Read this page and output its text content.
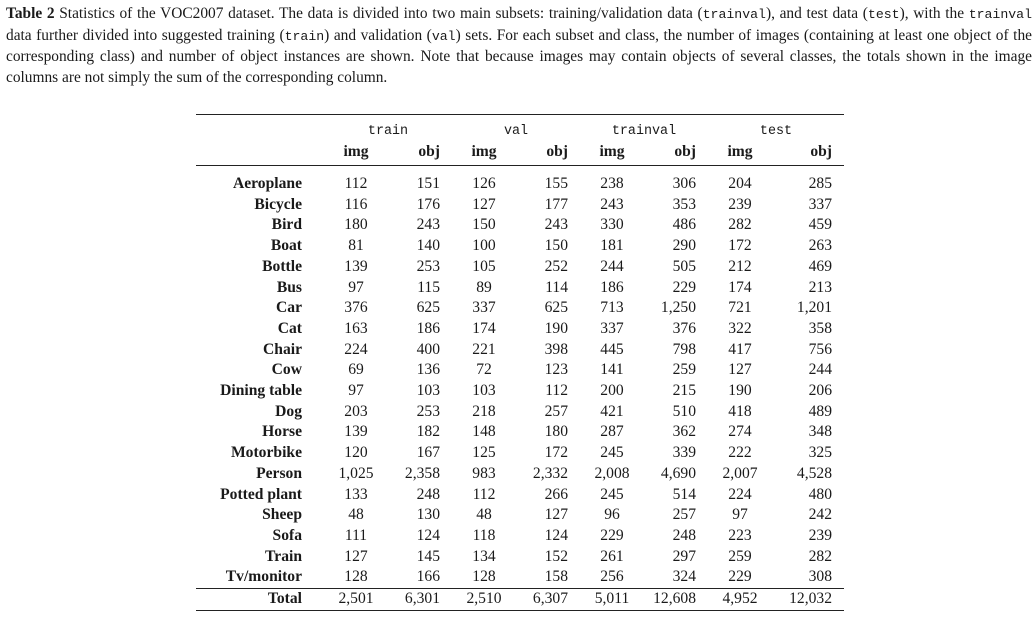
Table 2 Statistics of the VOC2007 dataset. The data is divided into two main subsets: training/validation data (trainval), and test data (test), with the trainval data further divided into suggested training (train) and validation (val) sets. For each subset and class, the number of images (containing at least one object of the corresponding class) and number of object instances are shown. Note that because images may contain objects of several classes, the totals shown in the image columns are not simply the sum of the corresponding column.

	train		val		trainval		test	
	img	obj	img	obj	img	obj	img	obj

Aeroplane	112	151	126	155	238	306	204	285
Bicycle	116	176	127	177	243	353	239	337
Bird	180	243	150	243	330	486	282	459
Boat	81	140	100	150	181	290	172	263
Bottle	139	253	105	252	244	505	212	469
Bus	97	115	89	114	186	229	174	213
Car	376	625	337	625	713	1,250	721	1,201
Cat	163	186	174	190	337	376	322	358
Chair	224	400	221	398	445	798	417	756
Cow	69	136	72	123	141	259	127	244
Dining table	97	103	103	112	200	215	190	206
Dog	203	253	218	257	421	510	418	489
Horse	139	182	148	180	287	362	274	348
Motorbike	120	167	125	172	245	339	222	325
Person	1,025	2,358	983	2,332	2,008	4,690	2,007	4,528
Potted plant	133	248	112	266	245	514	224	480
Sheep	48	130	48	127	96	257	97	242
Sofa	111	124	118	124	229	248	223	239
Train	127	145	134	152	261	297	259	282
Tv/monitor	128	166	128	158	256	324	229	308

Total	2,501	6,301	2,510	6,307	5,011	12,608	4,952	12,032
